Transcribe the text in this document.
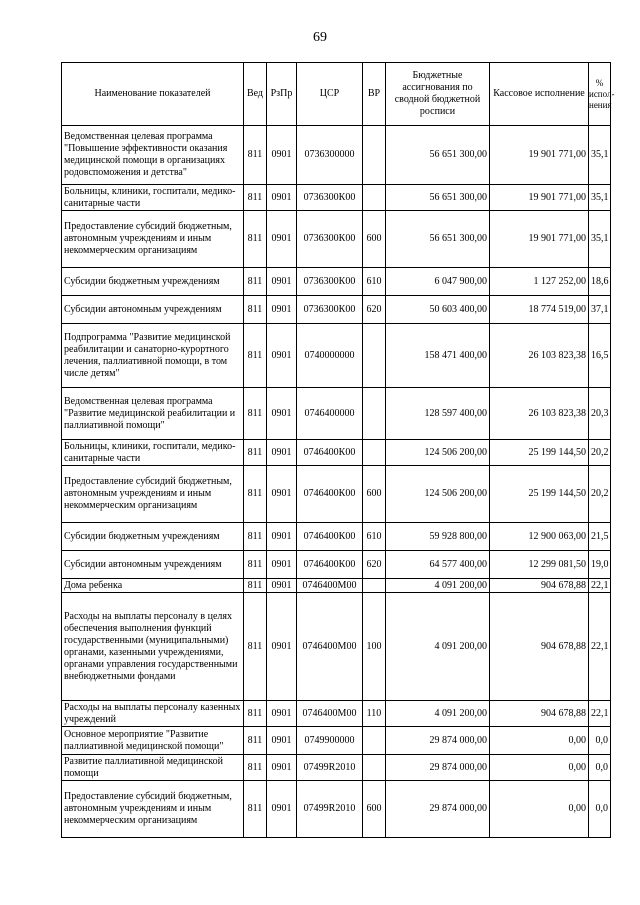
69
Наименование показателей	Вед	РзПр	ЦСР	ВР	Бюджетные ассигнования по сводной бюджетной росписи	Кассовое исполнение	% испол-нения
Ведомственная целевая программа "Повышение эффективности оказания медицинской помощи в организациях родовспоможения и детства"	811	0901	0736300000		56 651 300,00	19 901 771,00	35,1
Больницы, клиники, госпитали, медико-санитарные части	811	0901	0736300К00		56 651 300,00	19 901 771,00	35,1
Предоставление субсидий бюджетным, автономным учреждениям и иным некоммерческим организациям	811	0901	0736300К00	600	56 651 300,00	19 901 771,00	35,1
Субсидии бюджетным учреждениям	811	0901	0736300К00	610	6 047 900,00	1 127 252,00	18,6
Субсидии автономным учреждениям	811	0901	0736300К00	620	50 603 400,00	18 774 519,00	37,1
Подпрограмма "Развитие медицинской реабилитации и санаторно-курортного лечения, паллиативной помощи, в том числе детям"	811	0901	0740000000		158 471 400,00	26 103 823,38	16,5
Ведомственная целевая программа "Развитие медицинской реабилитации и паллиативной помощи"	811	0901	0746400000		128 597 400,00	26 103 823,38	20,3
Больницы, клиники, госпитали, медико-санитарные части	811	0901	0746400К00		124 506 200,00	25 199 144,50	20,2
Предоставление субсидий бюджетным, автономным учреждениям и иным некоммерческим организациям	811	0901	0746400К00	600	124 506 200,00	25 199 144,50	20,2
Субсидии бюджетным учреждениям	811	0901	0746400К00	610	59 928 800,00	12 900 063,00	21,5
Субсидии автономным учреждениям	811	0901	0746400К00	620	64 577 400,00	12 299 081,50	19,0
Дома ребенка	811	0901	0746400М00		4 091 200,00	904 678,88	22,1
Расходы на выплаты персоналу в целях обеспечения выполнения функций государственными (муниципальными) органами, казенными учреждениями, органами управления государственными внебюджетными фондами	811	0901	0746400М00	100	4 091 200,00	904 678,88	22,1
Расходы на выплаты персоналу казенных учреждений	811	0901	0746400М00	110	4 091 200,00	904 678,88	22,1
Основное мероприятие "Развитие паллиативной медицинской помощи"	811	0901	0749900000		29 874 000,00	0,00	0,0
Развитие паллиативной медицинской помощи	811	0901	07499R2010		29 874 000,00	0,00	0,0
Предоставление субсидий бюджетным, автономным учреждениям и иным некоммерческим организациям	811	0901	07499R2010	600	29 874 000,00	0,00	0,0
